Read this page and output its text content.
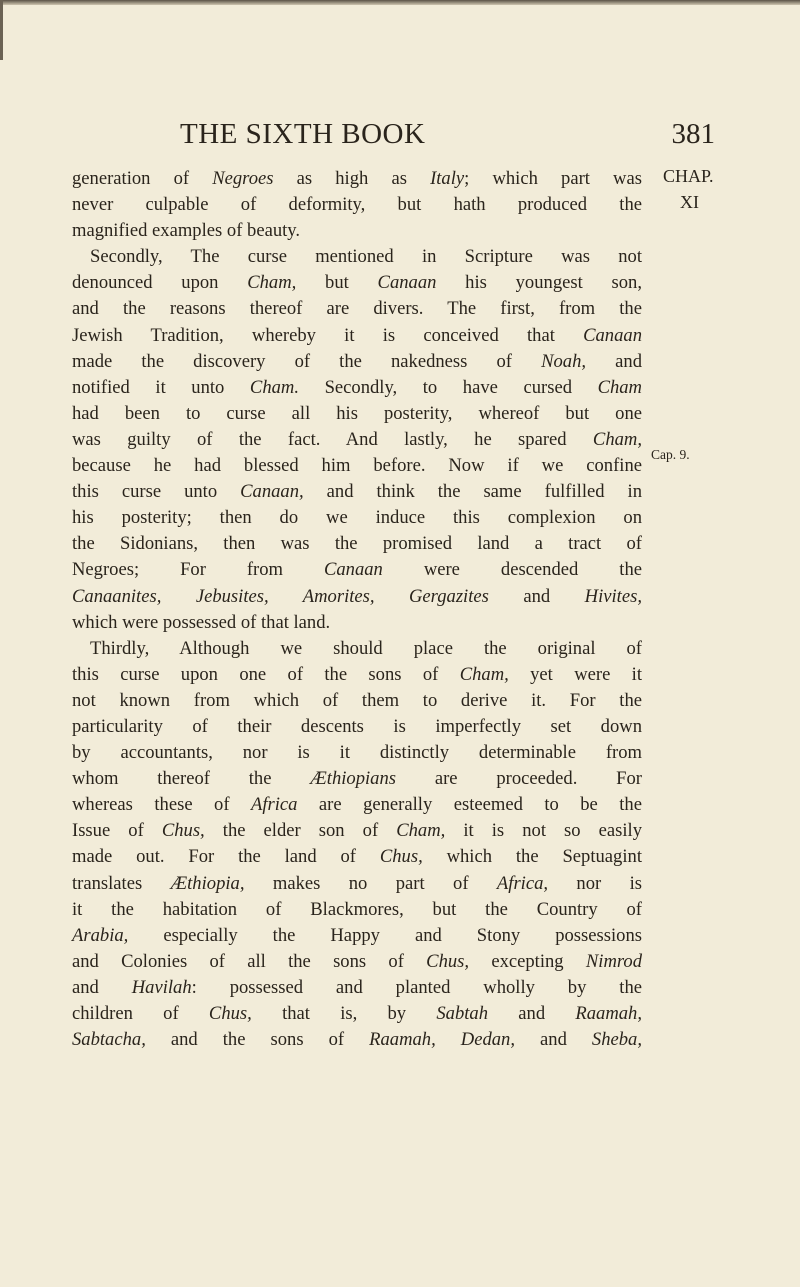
THE SIXTH BOOK	381
CHAP.
XI
Cap. 9.
generation of Negroes as high as Italy; which part was
never culpable of deformity, but hath produced the
magnified examples of beauty.
Secondly, The curse mentioned in Scripture was not
denounced upon Cham, but Canaan his youngest son,
and the reasons thereof are divers. The first, from the
Jewish Tradition, whereby it is conceived that Canaan
made the discovery of the nakedness of Noah, and
notified it unto Cham. Secondly, to have cursed Cham
had been to curse all his posterity, whereof but one
was guilty of the fact. And lastly, he spared Cham,
because he had blessed him before. Now if we confine
this curse unto Canaan, and think the same fulfilled in
his posterity; then do we induce this complexion on
the Sidonians, then was the promised land a tract of
Negroes; For from Canaan were descended the
Canaanites, Jebusites, Amorites, Gergazites and Hivites,
which were possessed of that land.
Thirdly, Although we should place the original of
this curse upon one of the sons of Cham, yet were it
not known from which of them to derive it. For the
particularity of their descents is imperfectly set down
by accountants, nor is it distinctly determinable from
whom thereof the Æthiopians are proceeded. For
whereas these of Africa are generally esteemed to be the
Issue of Chus, the elder son of Cham, it is not so easily
made out. For the land of Chus, which the Septuagint
translates Æthiopia, makes no part of Africa, nor is
it the habitation of Blackmores, but the Country of
Arabia, especially the Happy and Stony possessions
and Colonies of all the sons of Chus, excepting Nimrod
and Havilah: possessed and planted wholly by the
children of Chus, that is, by Sabtah and Raamah,
Sabtacha, and the sons of Raamah, Dedan, and Sheba,
